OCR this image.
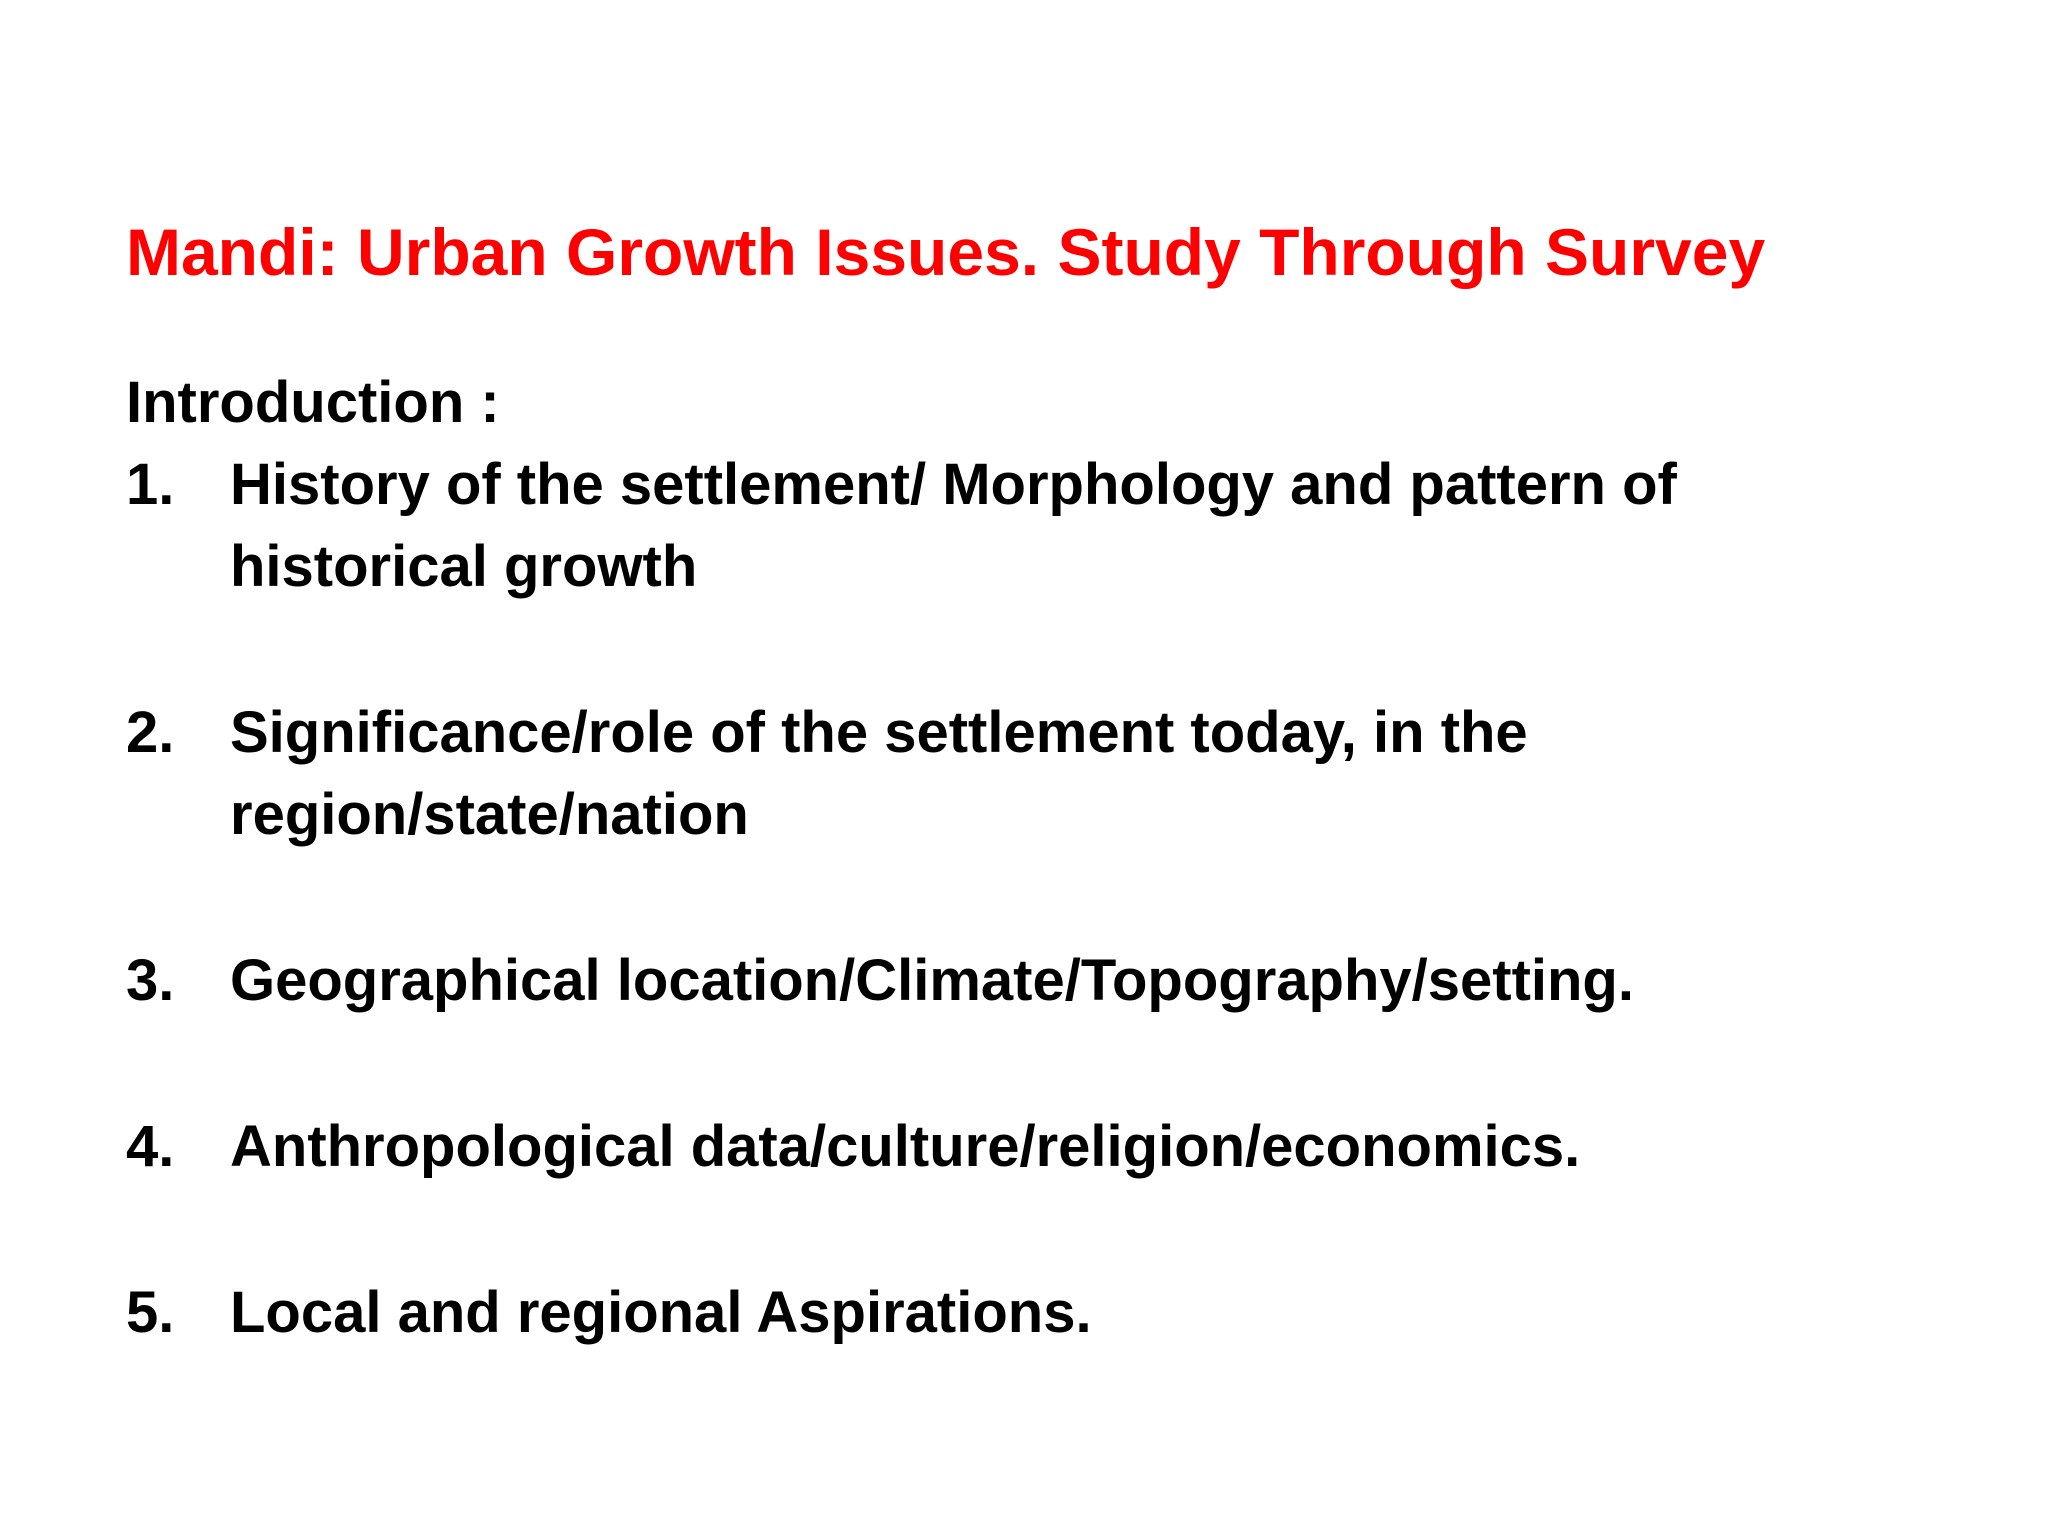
Mandi: Urban Growth Issues. Study Through Survey

Introduction :

1. History of the settlement/ Morphology and pattern of historical growth
2. Significance/role of the settlement today, in the region/state/nation
3. Geographical location/Climate/Topography/setting.
4. Anthropological data/culture/religion/economics.
5. Local and regional Aspirations.
